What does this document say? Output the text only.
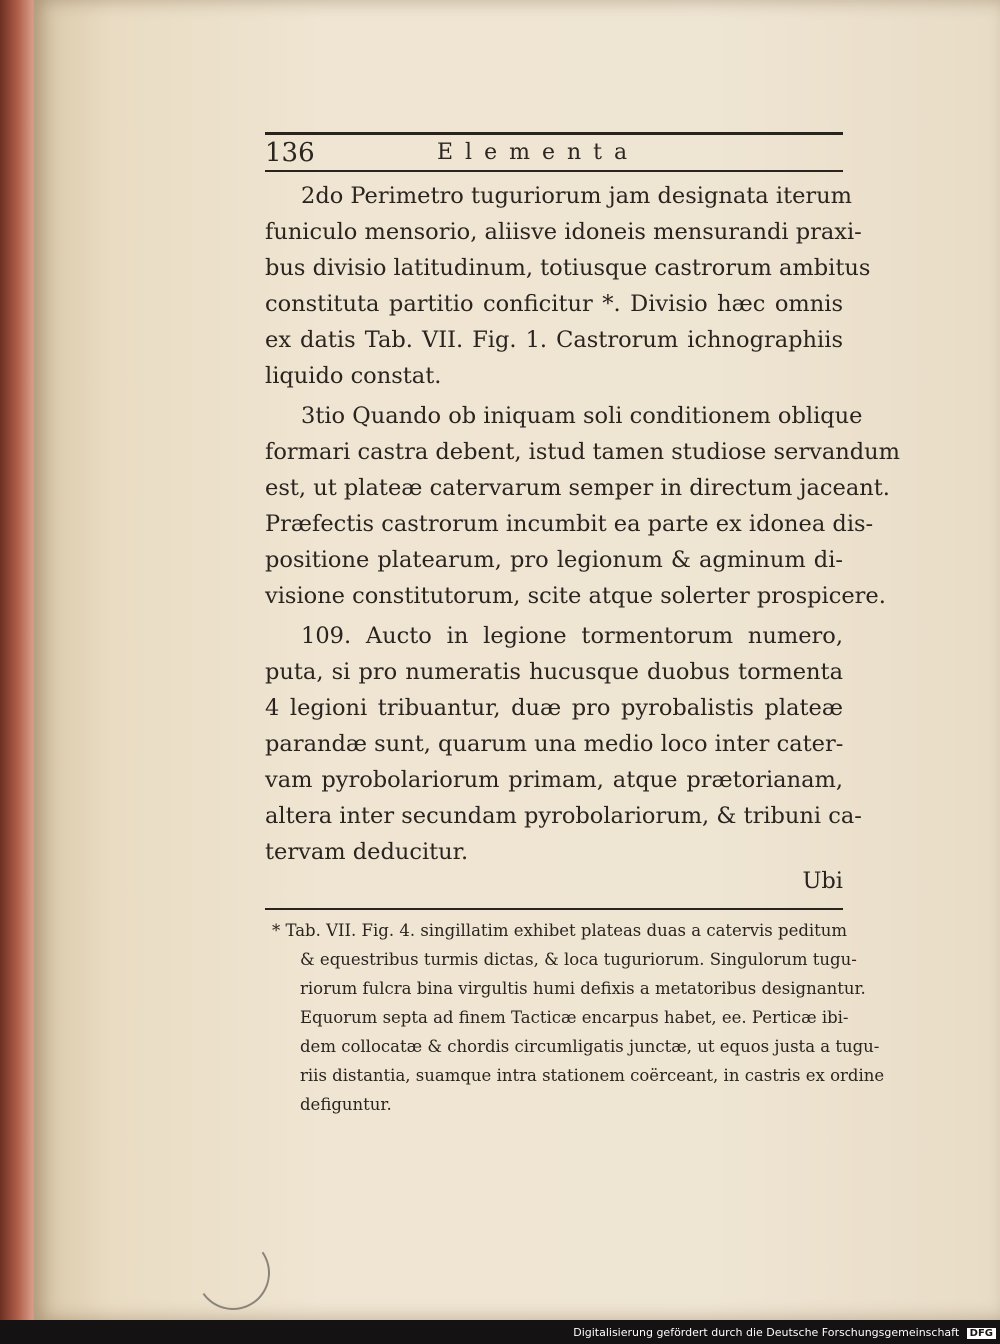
136	Elementa
2do Perimetro tuguriorum jam designata iterum
funiculo mensorio, aliisve idoneis mensurandi praxi-
bus divisio latitudinum, totiusque castrorum ambitus
constituta partitio conficitur *. Divisio hæc omnis
ex datis Tab. VII. Fig. 1. Castrorum ichnographiis
liquido constat.
3tio Quando ob iniquam soli conditionem oblique
formari castra debent, istud tamen studiose servandum
est, ut plateæ catervarum semper in directum jaceant.
Præfectis castrorum incumbit ea parte ex idonea dis-
positione platearum, pro legionum & agminum di-
visione constitutorum, scite atque solerter prospicere.
109. Aucto in legione tormentorum numero,
puta, si pro numeratis hucusque duobus tormenta
4 legioni tribuantur, duæ pro pyrobalistis plateæ
parandæ sunt, quarum una medio loco inter cater-
vam pyrobolariorum primam, atque prætorianam,
altera inter secundam pyrobolariorum, & tribuni ca-
tervam deducitur.
Ubi
* Tab. VII. Fig. 4. singillatim exhibet plateas duas a catervis peditum
& equestribus turmis dictas, & loca tuguriorum. Singulorum tugu-
riorum fulcra bina virgultis humi defixis a metatoribus designantur.
Equorum septa ad finem Tacticæ encarpus habet, ee. Perticæ ibi-
dem collocatæ & chordis circumligatis junctæ, ut equos justa a tugu-
riis distantia, suamque intra stationem coërceant, in castris ex ordine
defiguntur.
Digitalisierung gefördert durch die Deutsche Forschungsgemeinschaft DFG
